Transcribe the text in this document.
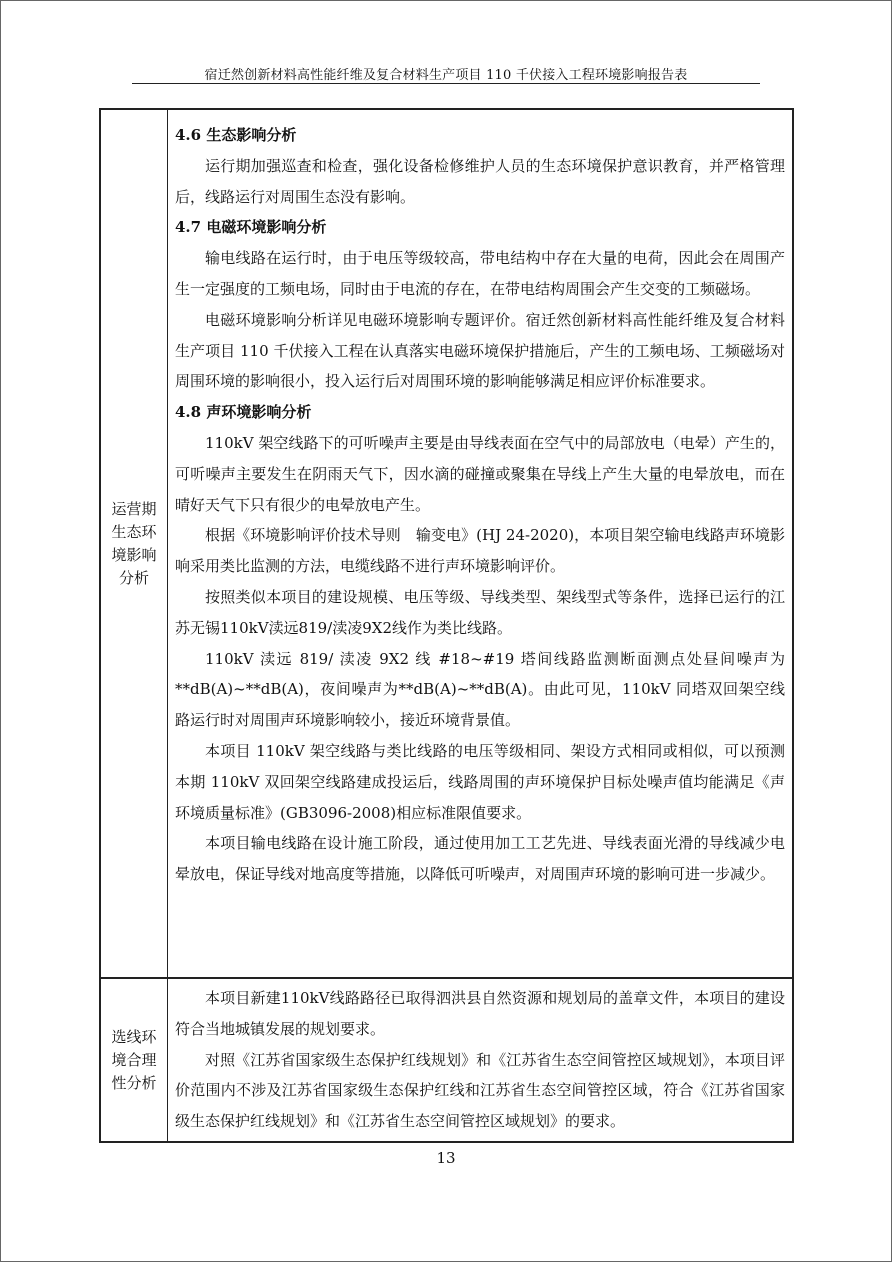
宿迁然创新材料高性能纤维及复合材料生产项目 110 千伏接入工程环境影响报告表
运营期生态环境影响分析
4.6 生态影响分析

运行期加强巡查和检查，强化设备检修维护人员的生态环境保护意识教育，并严格管理后，线路运行对周围生态没有影响。

4.7 电磁环境影响分析

输电线路在运行时，由于电压等级较高，带电结构中存在大量的电荷，因此会在周围产生一定强度的工频电场，同时由于电流的存在，在带电结构周围会产生交变的工频磁场。

电磁环境影响分析详见电磁环境影响专题评价。宿迁然创新材料高性能纤维及复合材料生产项目 110 千伏接入工程在认真落实电磁环境保护措施后，产生的工频电场、工频磁场对周围环境的影响很小，投入运行后对周围环境的影响能够满足相应评价标准要求。

4.8 声环境影响分析

110kV 架空线路下的可听噪声主要是由导线表面在空气中的局部放电（电晕）产生的，可听噪声主要发生在阴雨天气下，因水滴的碰撞或聚集在导线上产生大量的电晕放电，而在晴好天气下只有很少的电晕放电产生。

根据《环境影响评价技术导则　输变电》(HJ 24-2020)，本项目架空输电线路声环境影响采用类比监测的方法，电缆线路不进行声环境影响评价。

按照类似本项目的建设规模、电压等级、导线类型、架线型式等条件，选择已运行的江苏无锡110kV渎远819/渎凌9X2线作为类比线路。

110kV 渎远 819/ 渎凌 9X2 线 #18~#19 塔间线路监测断面测点处昼间噪声为**dB(A)~**dB(A)，夜间噪声为**dB(A)~**dB(A)。由此可见，110kV 同塔双回架空线路运行时对周围声环境影响较小，接近环境背景值。

本项目 110kV 架空线路与类比线路的电压等级相同、架设方式相同或相似，可以预测本期 110kV 双回架空线路建成投运后，线路周围的声环境保护目标处噪声值均能满足《声环境质量标准》(GB3096-2008)相应标准限值要求。

本项目输电线路在设计施工阶段，通过使用加工工艺先进、导线表面光滑的导线减少电晕放电，保证导线对地高度等措施，以降低可听噪声，对周围声环境的影响可进一步减少。

选线环境合理性分析

本项目新建110kV线路路径已取得泗洪县自然资源和规划局的盖章文件，本项目的建设符合当地城镇发展的规划要求。

对照《江苏省国家级生态保护红线规划》和《江苏省生态空间管控区域规划》，本项目评价范围内不涉及江苏省国家级生态保护红线和江苏省生态空间管控区域，符合《江苏省国家级生态保护红线规划》和《江苏省生态空间管控区域规划》的要求。

13
